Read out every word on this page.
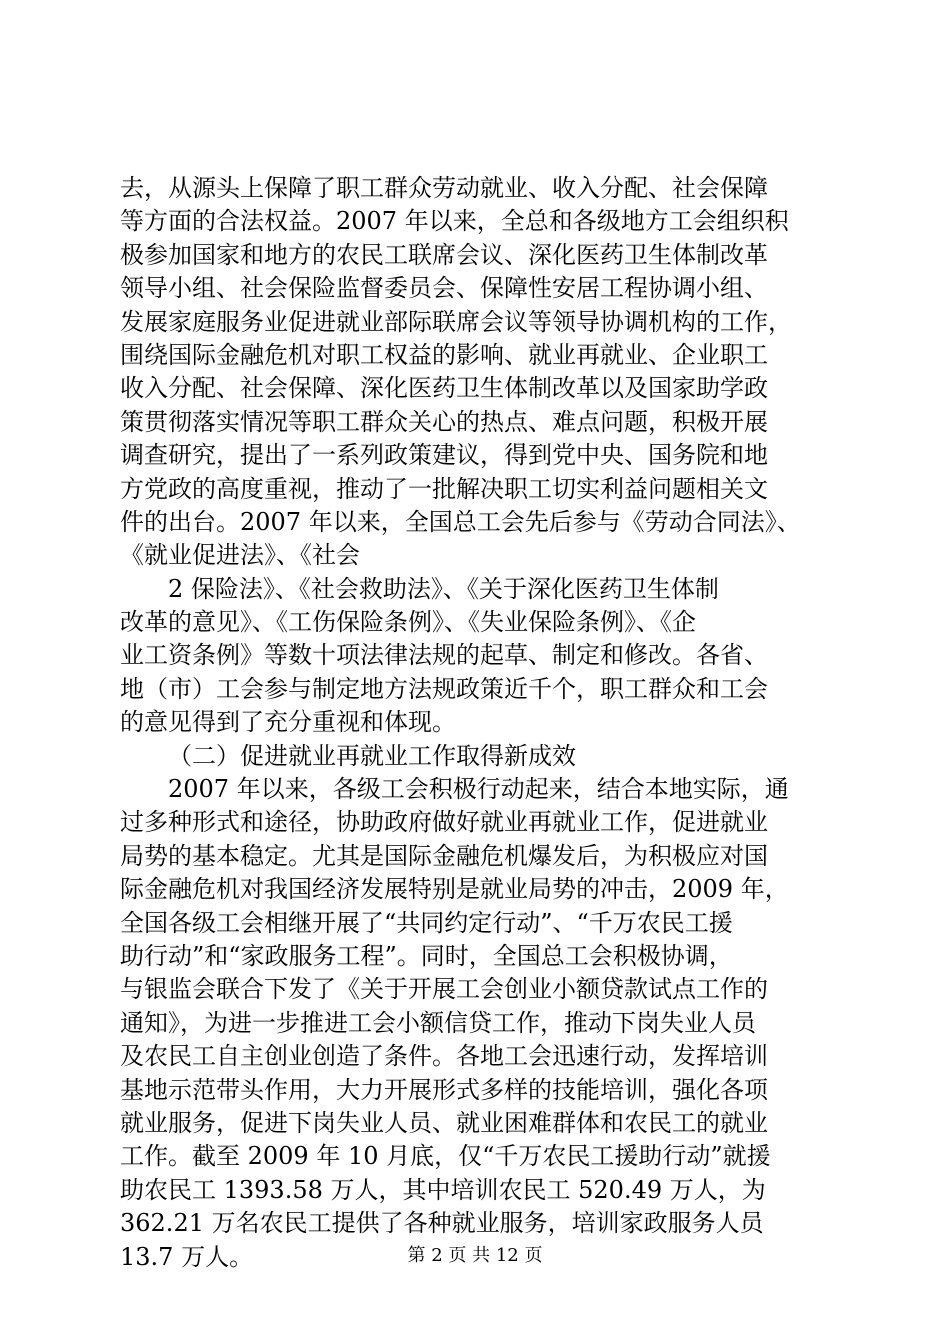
去，从源头上保障了职工群众劳动就业、收入分配、社会保障
等方面的合法权益。2007 年以来，全总和各级地方工会组织积
极参加国家和地方的农民工联席会议、深化医药卫生体制改革
领导小组、社会保险监督委员会、保障性安居工程协调小组、
发展家庭服务业促进就业部际联席会议等领导协调机构的工作，
围绕国际金融危机对职工权益的影响、就业再就业、企业职工
收入分配、社会保障、深化医药卫生体制改革以及国家助学政
策贯彻落实情况等职工群众关心的热点、难点问题，积极开展
调查研究，提出了一系列政策建议，得到党中央、国务院和地
方党政的高度重视，推动了一批解决职工切实利益问题相关文
件的出台。2007 年以来，全国总工会先后参与《劳动合同法》、
《就业促进法》、《社会
2 保险法》、《社会救助法》、《关于深化医药卫生体制
改革的意见》、《工伤保险条例》、《失业保险条例》、《企
业工资条例》等数十项法律法规的起草、制定和修改。各省、
地（市）工会参与制定地方法规政策近千个，职工群众和工会
的意见得到了充分重视和体现。
（二）促进就业再就业工作取得新成效
2007 年以来，各级工会积极行动起来，结合本地实际，通
过多种形式和途径，协助政府做好就业再就业工作，促进就业
局势的基本稳定。尤其是国际金融危机爆发后，为积极应对国
际金融危机对我国经济发展特别是就业局势的冲击，2009 年，
全国各级工会相继开展了“共同约定行动”、“千万农民工援
助行动”和“家政服务工程”。同时，全国总工会积极协调，
与银监会联合下发了《关于开展工会创业小额贷款试点工作的
通知》，为进一步推进工会小额信贷工作，推动下岗失业人员
及农民工自主创业创造了条件。各地工会迅速行动，发挥培训
基地示范带头作用，大力开展形式多样的技能培训，强化各项
就业服务，促进下岗失业人员、就业困难群体和农民工的就业
工作。截至 2009 年 10 月底，仅“千万农民工援助行动”就援
助农民工 1393.58 万人，其中培训农民工 520.49 万人，为
362.21 万名农民工提供了各种就业服务，培训家政服务人员
13.7 万人。	第 2 页 共 12 页
